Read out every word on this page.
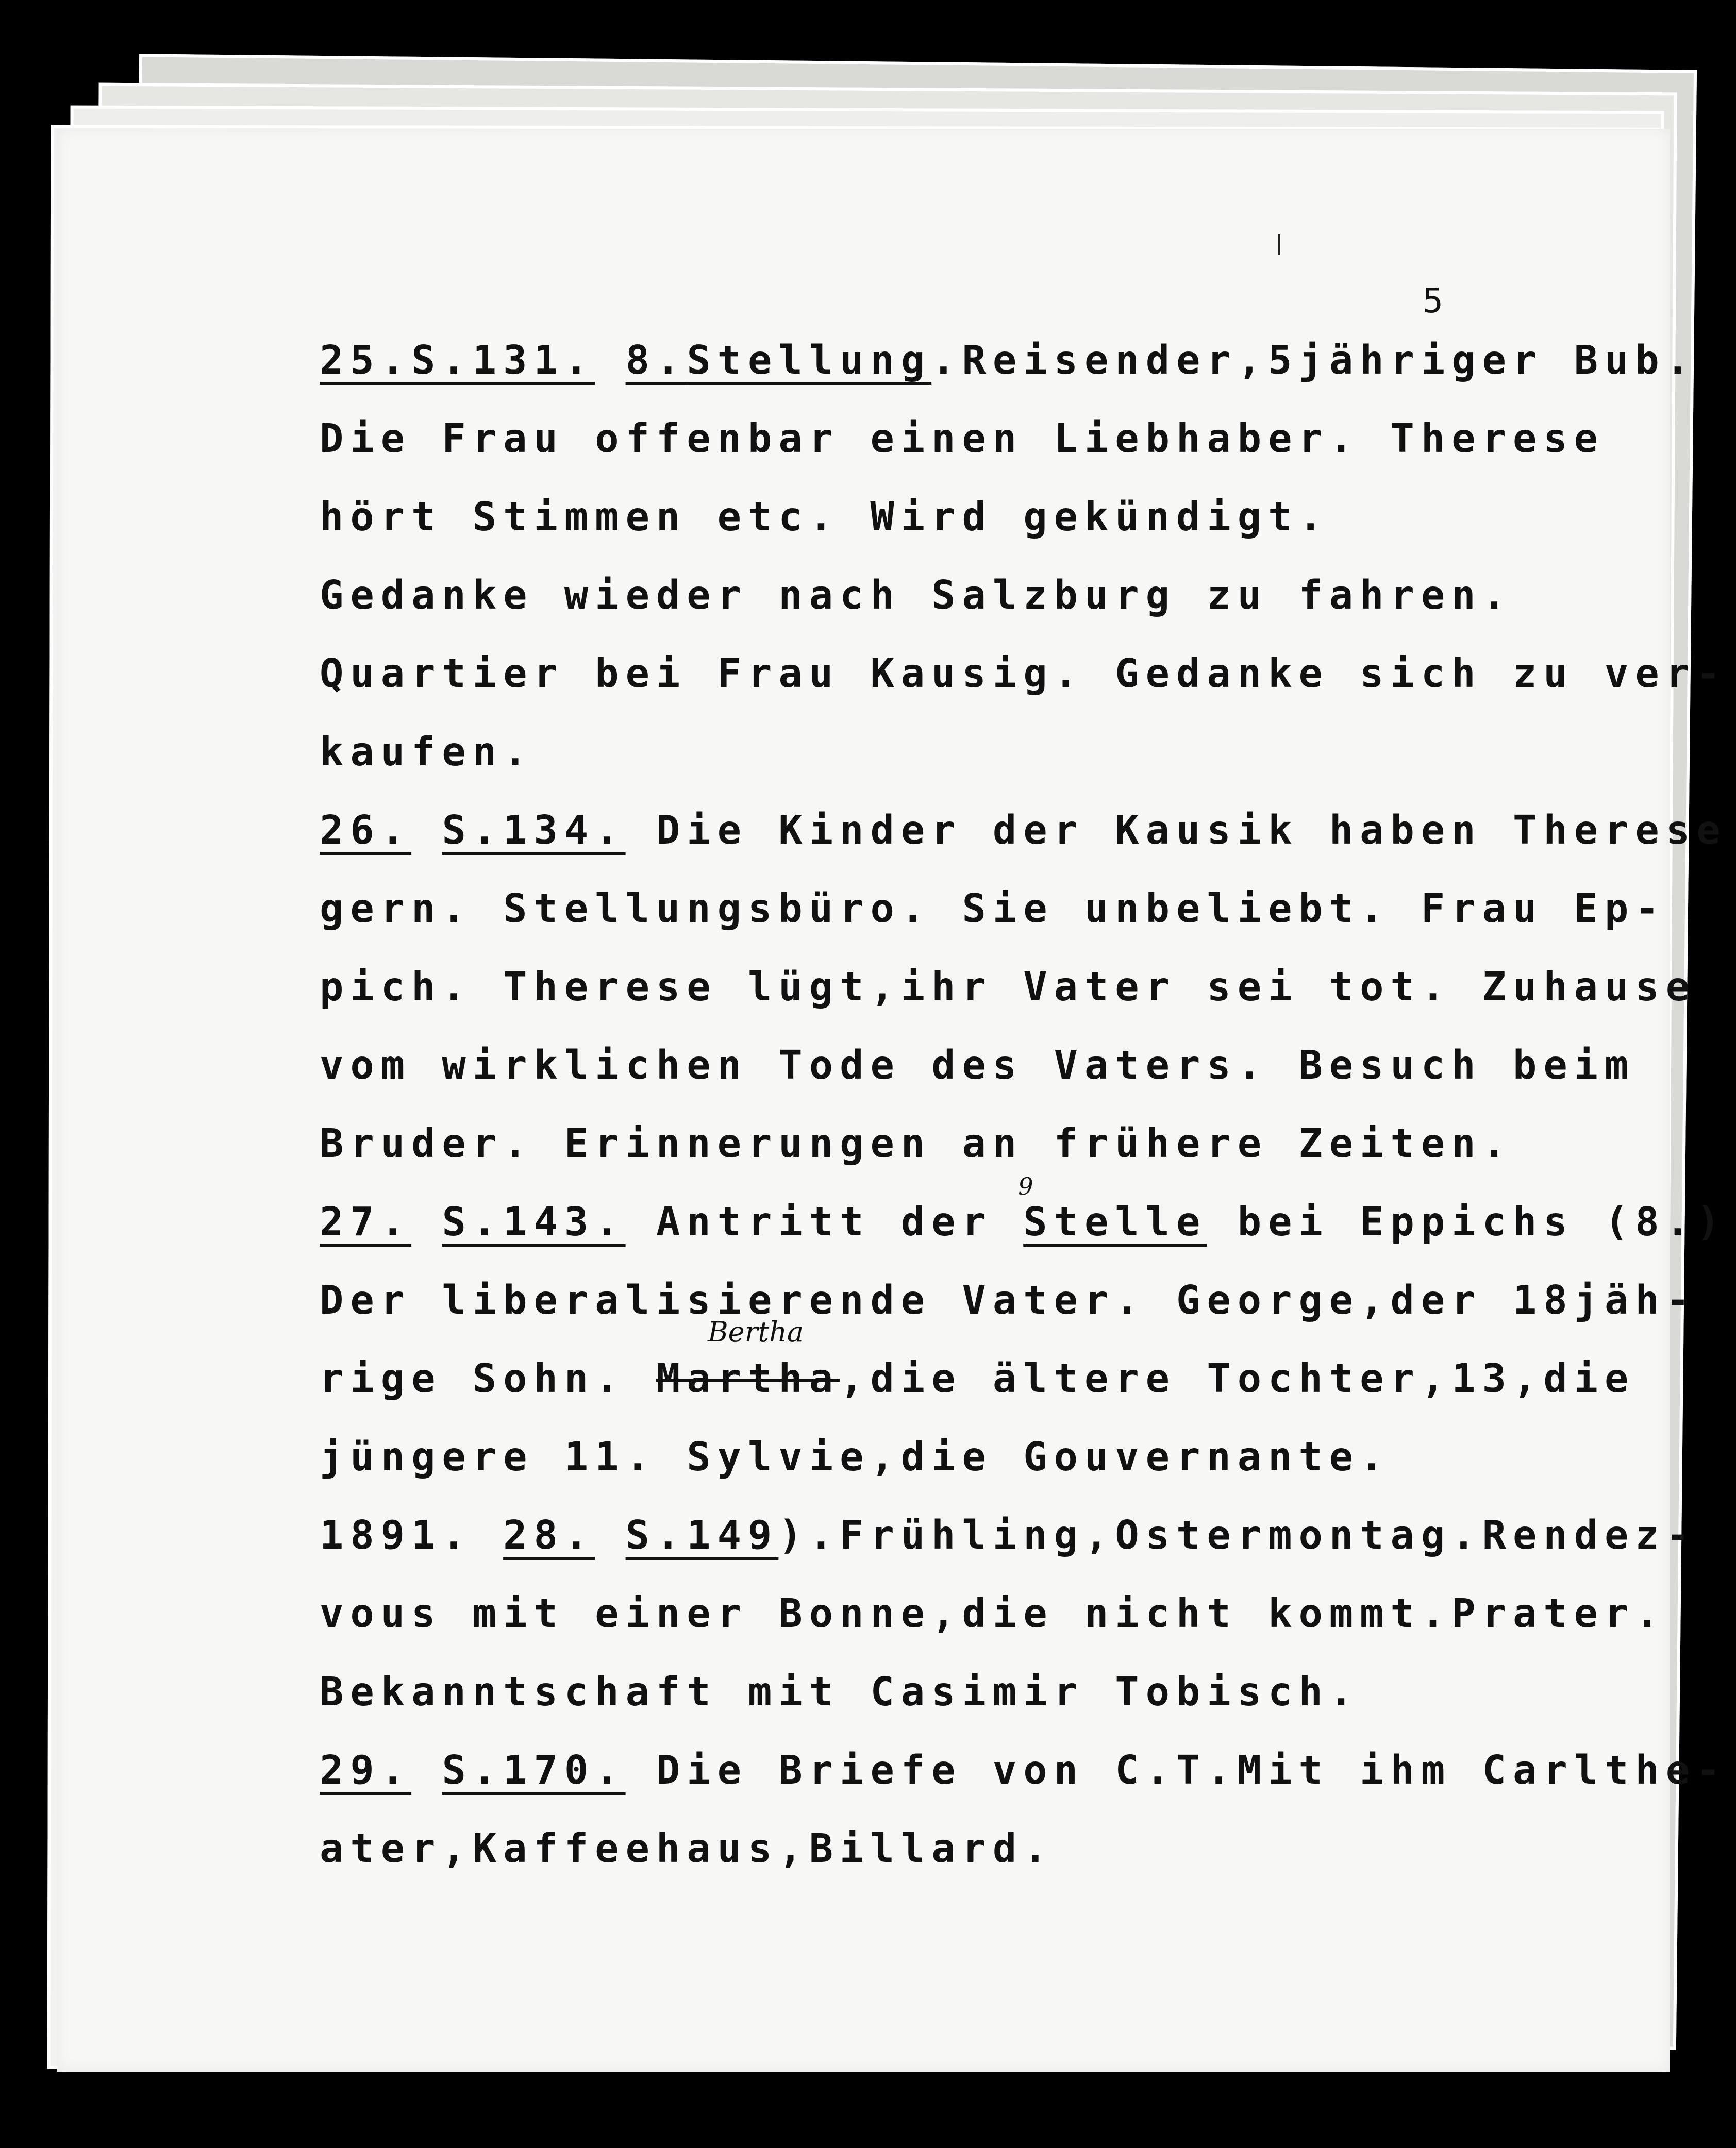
5
25.S.131. 8.Stellung.Reisender,5jähriger Bub.
Die Frau offenbar einen Liebhaber. Therese
hört Stimmen etc. Wird gekündigt.
Gedanke wieder nach Salzburg zu fahren.
Quartier bei Frau Kausig. Gedanke sich zu ver-
kaufen.
26. S.134. Die Kinder der Kausik haben Therese
gern. Stellungsbüro. Sie unbeliebt. Frau Ep-
pich. Therese lügt,ihr Vater sei tot. Zuhause
vom wirklichen Tode des Vaters. Besuch beim
Bruder. Erinnerungen an frühere Zeiten.
27. S.143. Antritt der
9
Stelle bei Eppichs (8.)
Der liberalisierende Vater. George,der 18jäh-
rige Sohn.
Bertha
Martha,die ältere Tochter,13,die
jüngere 11. Sylvie,die Gouvernante.
1891. 28. S.149).Frühling,Ostermontag.Rendez-
vous mit einer Bonne,die nicht kommt.Prater.
Bekanntschaft mit Casimir Tobisch.
29. S.170. Die Briefe von C.T.Mit ihm Carlthe-
ater,Kaffeehaus,Billard.
